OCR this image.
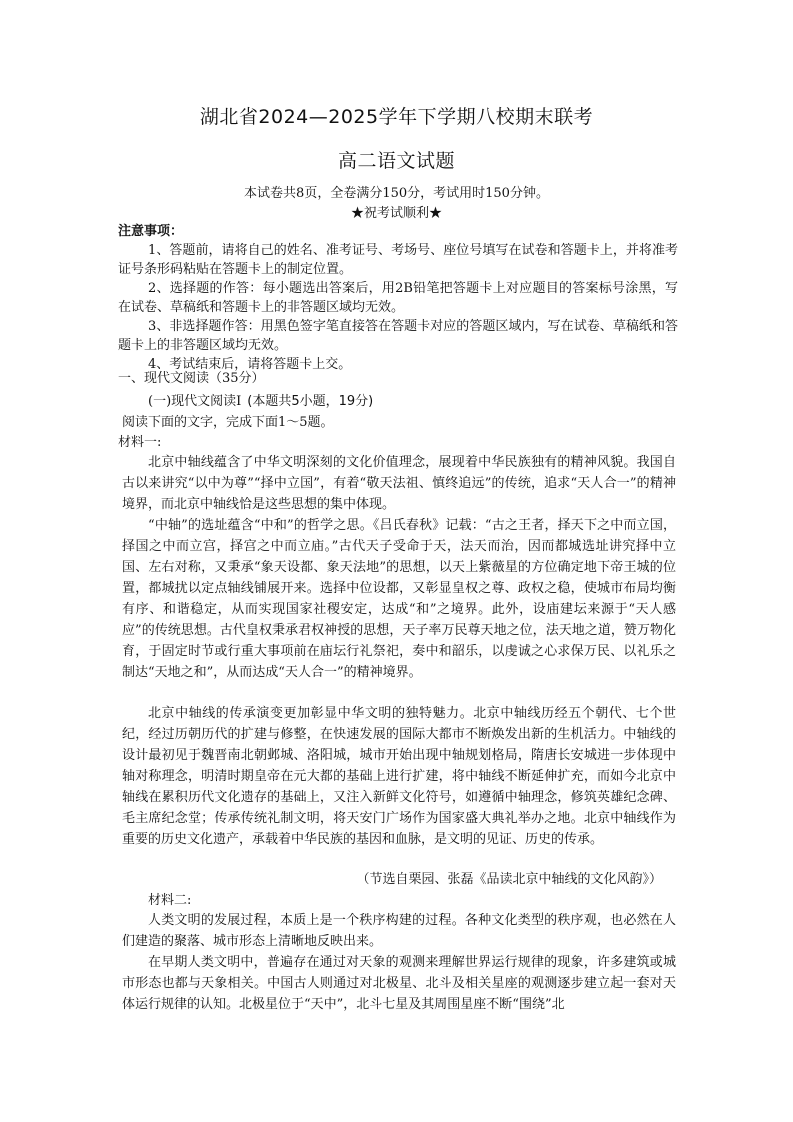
湖北省2024—2025学年下学期八校期末联考
高二语文试题
本试卷共8页，全卷满分150分，考试用时150分钟。
★祝考试顺利★
注意事项：
1、答题前，请将自己的姓名、准考证号、考场号、座位号填写在试卷和答题卡上，并将准考证号条形码粘贴在答题卡上的制定位置。
2、选择题的作答：每小题选出答案后，用2B铅笔把答题卡上对应题目的答案标号涂黑，写在试卷、草稿纸和答题卡上的非答题区域均无效。
3、非选择题作答：用黑色签字笔直接答在答题卡对应的答题区域内，写在试卷、草稿纸和答题卡上的非答题区域均无效。
4、考试结束后，请将答题卡上交。
一、现代文阅读（35分）
(一)现代文阅读Ⅰ (本题共5小题，19分)
阅读下面的文字，完成下面1～5题。
材料一:
北京中轴线蕴含了中华文明深刻的文化价值理念，展现着中华民族独有的精神风貌。我国自古以来讲究“以中为尊”“择中立国”，有着“敬天法祖、慎终追远”的传统，追求“天人合一”的精神境界，而北京中轴线恰是这些思想的集中体现。
“中轴”的选址蕴含“中和”的哲学之思。《吕氏春秋》记载：“古之王者，择天下之中而立国，择国之中而立宫，择宫之中而立庙。”古代天子受命于天，法天而治，因而都城选址讲究择中立国、左右对称，又秉承“象天设都、象天法地”的思想，以天上紫薇星的方位确定地下帝王城的位置，都城扰以定点轴线铺展开来。选择中位设都，又彰显皇权之尊、政权之稳，使城市布局均衡有序、和谐稳定，从而实现国家社稷安定，达成“和”之境界。此外，设庙建坛来源于“天人感应”的传统思想。古代皇权秉承君权神授的思想，天子率万民尊天地之位，法天地之道，赞万物化育，于固定时节或行重大事项前在庙坛行礼祭祀，奏中和韶乐，以虔诚之心求保万民、以礼乐之制达“天地之和”，从而达成“天人合一”的精神境界。
北京中轴线的传承演变更加彰显中华文明的独特魅力。北京中轴线历经五个朝代、七个世纪，经过历朝历代的扩建与修整，在快速发展的国际大都市不断焕发出新的生机活力。中轴线的设计最初见于魏晋南北朝邺城、洛阳城，城市开始出现中轴规划格局，隋唐长安城进一步体现中轴对称理念，明清时期皇帝在元大都的基础上进行扩建，将中轴线不断延伸扩充，而如今北京中轴线在累积历代文化遗存的基础上，又注入新鲜文化符号，如遵循中轴理念，修筑英雄纪念碑、毛主席纪念堂；传承传统礼制文明，将天安门广场作为国家盛大典礼举办之地。北京中轴线作为重要的历史文化遗产，承载着中华民族的基因和血脉，是文明的见证、历史的传承。
（节选自栗园、张磊《品读北京中轴线的文化风韵》）
材料二:
人类文明的发展过程，本质上是一个秩序构建的过程。各种文化类型的秩序观，也必然在人们建造的聚落、城市形态上清晰地反映出来。
在早期人类文明中，普遍存在通过对天象的观测来理解世界运行规律的现象，许多建筑或城市形态也都与天象相关。中国古人则通过对北极星、北斗及相关星座的观测逐步建立起一套对天体运行规律的认知。北极星位于“天中”，北斗七星及其周围星座不断“围绕”北
